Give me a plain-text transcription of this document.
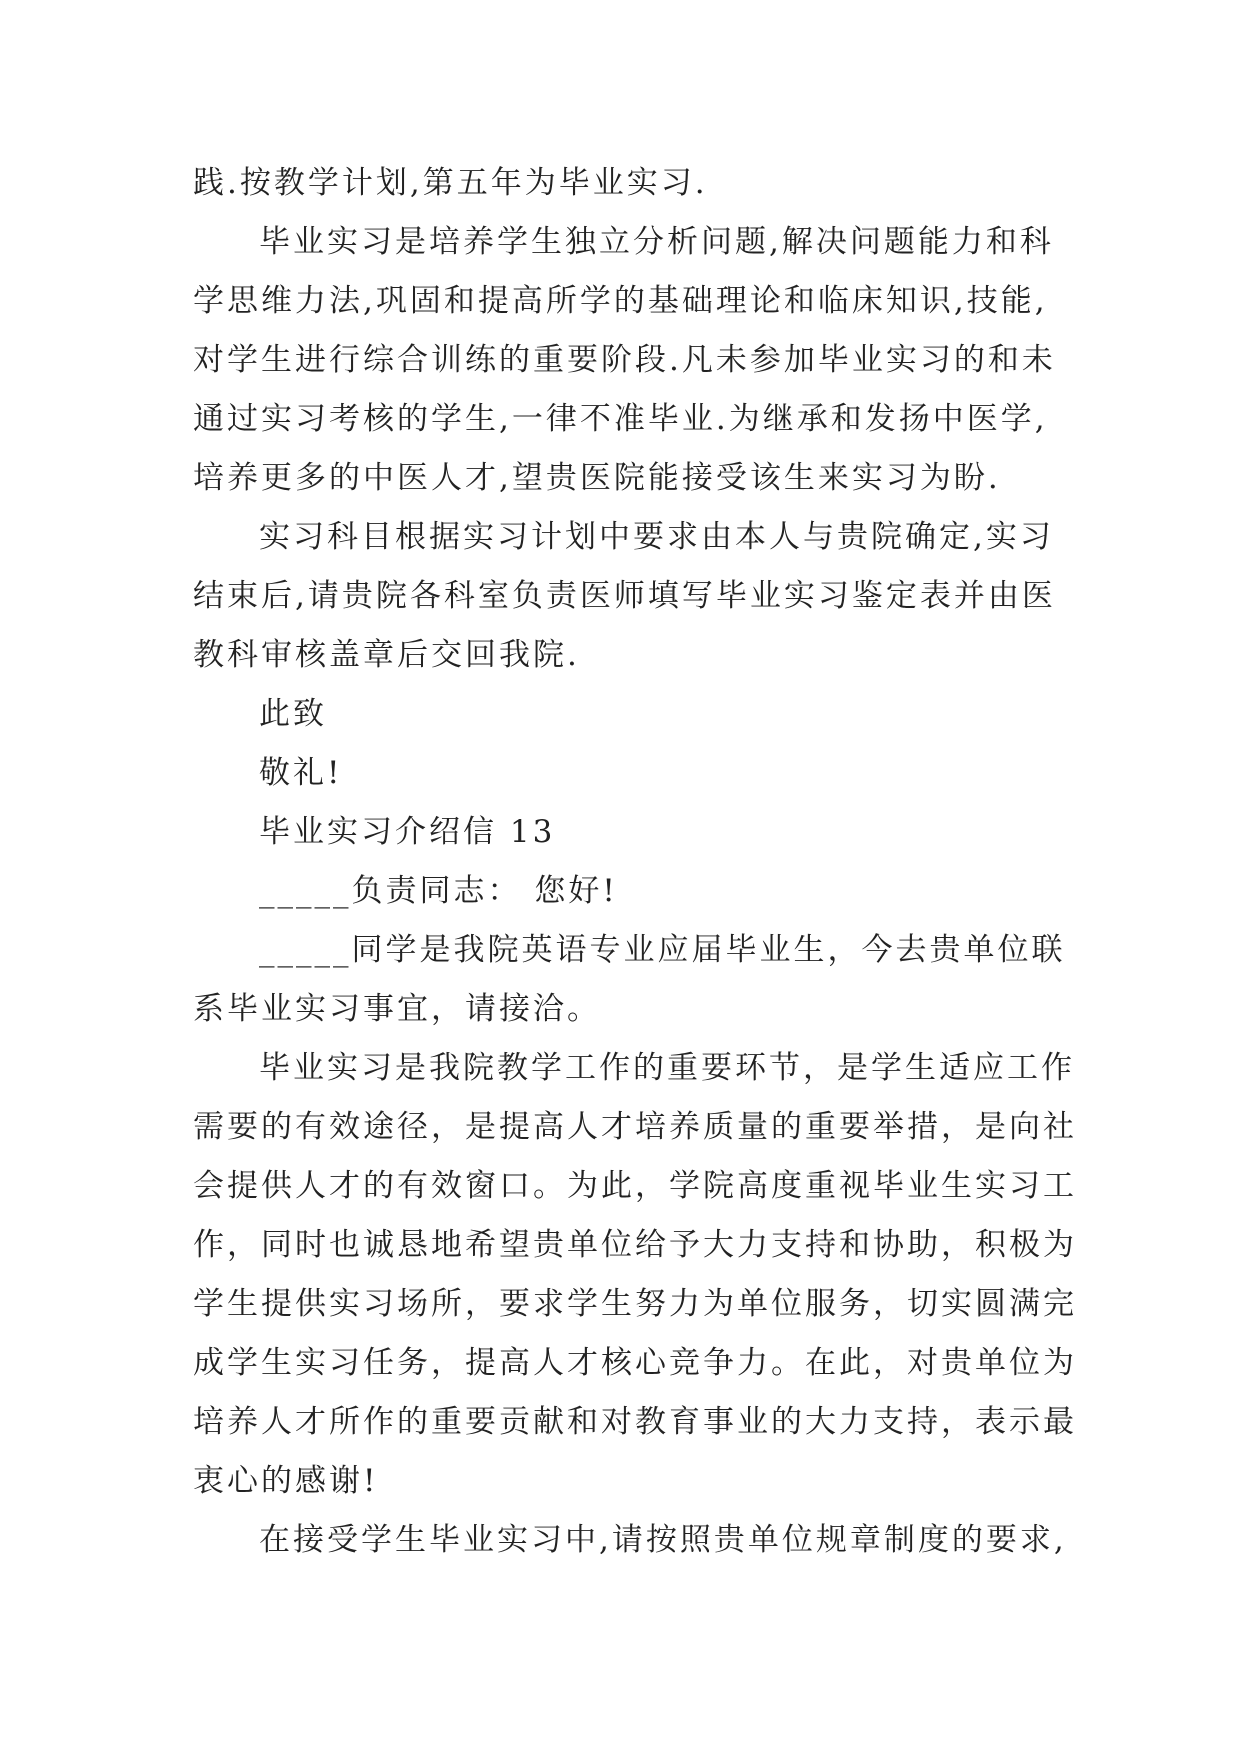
践.按教学计划,第五年为毕业实习.
毕业实习是培养学生独立分析问题,解决问题能力和科
学思维力法,巩固和提高所学的基础理论和临床知识,技能,
对学生进行综合训练的重要阶段.凡未参加毕业实习的和未
通过实习考核的学生,一律不准毕业.为继承和发扬中医学,
培养更多的中医人才,望贵医院能接受该生来实习为盼.
实习科目根据实习计划中要求由本人与贵院确定,实习
结束后,请贵院各科室负责医师填写毕业实习鉴定表并由医
教科审核盖章后交回我院.
此致
敬礼!
毕业实习介绍信 13
_____负责同志： 您好!
_____同学是我院英语专业应届毕业生，今去贵单位联
系毕业实习事宜，请接洽。
毕业实习是我院教学工作的重要环节，是学生适应工作
需要的有效途径，是提高人才培养质量的重要举措，是向社
会提供人才的有效窗口。为此，学院高度重视毕业生实习工
作，同时也诚恳地希望贵单位给予大力支持和协助，积极为
学生提供实习场所，要求学生努力为单位服务，切实圆满完
成学生实习任务，提高人才核心竞争力。在此，对贵单位为
培养人才所作的重要贡献和对教育事业的大力支持，表示最
衷心的感谢!
在接受学生毕业实习中,请按照贵单位规章制度的要求,
